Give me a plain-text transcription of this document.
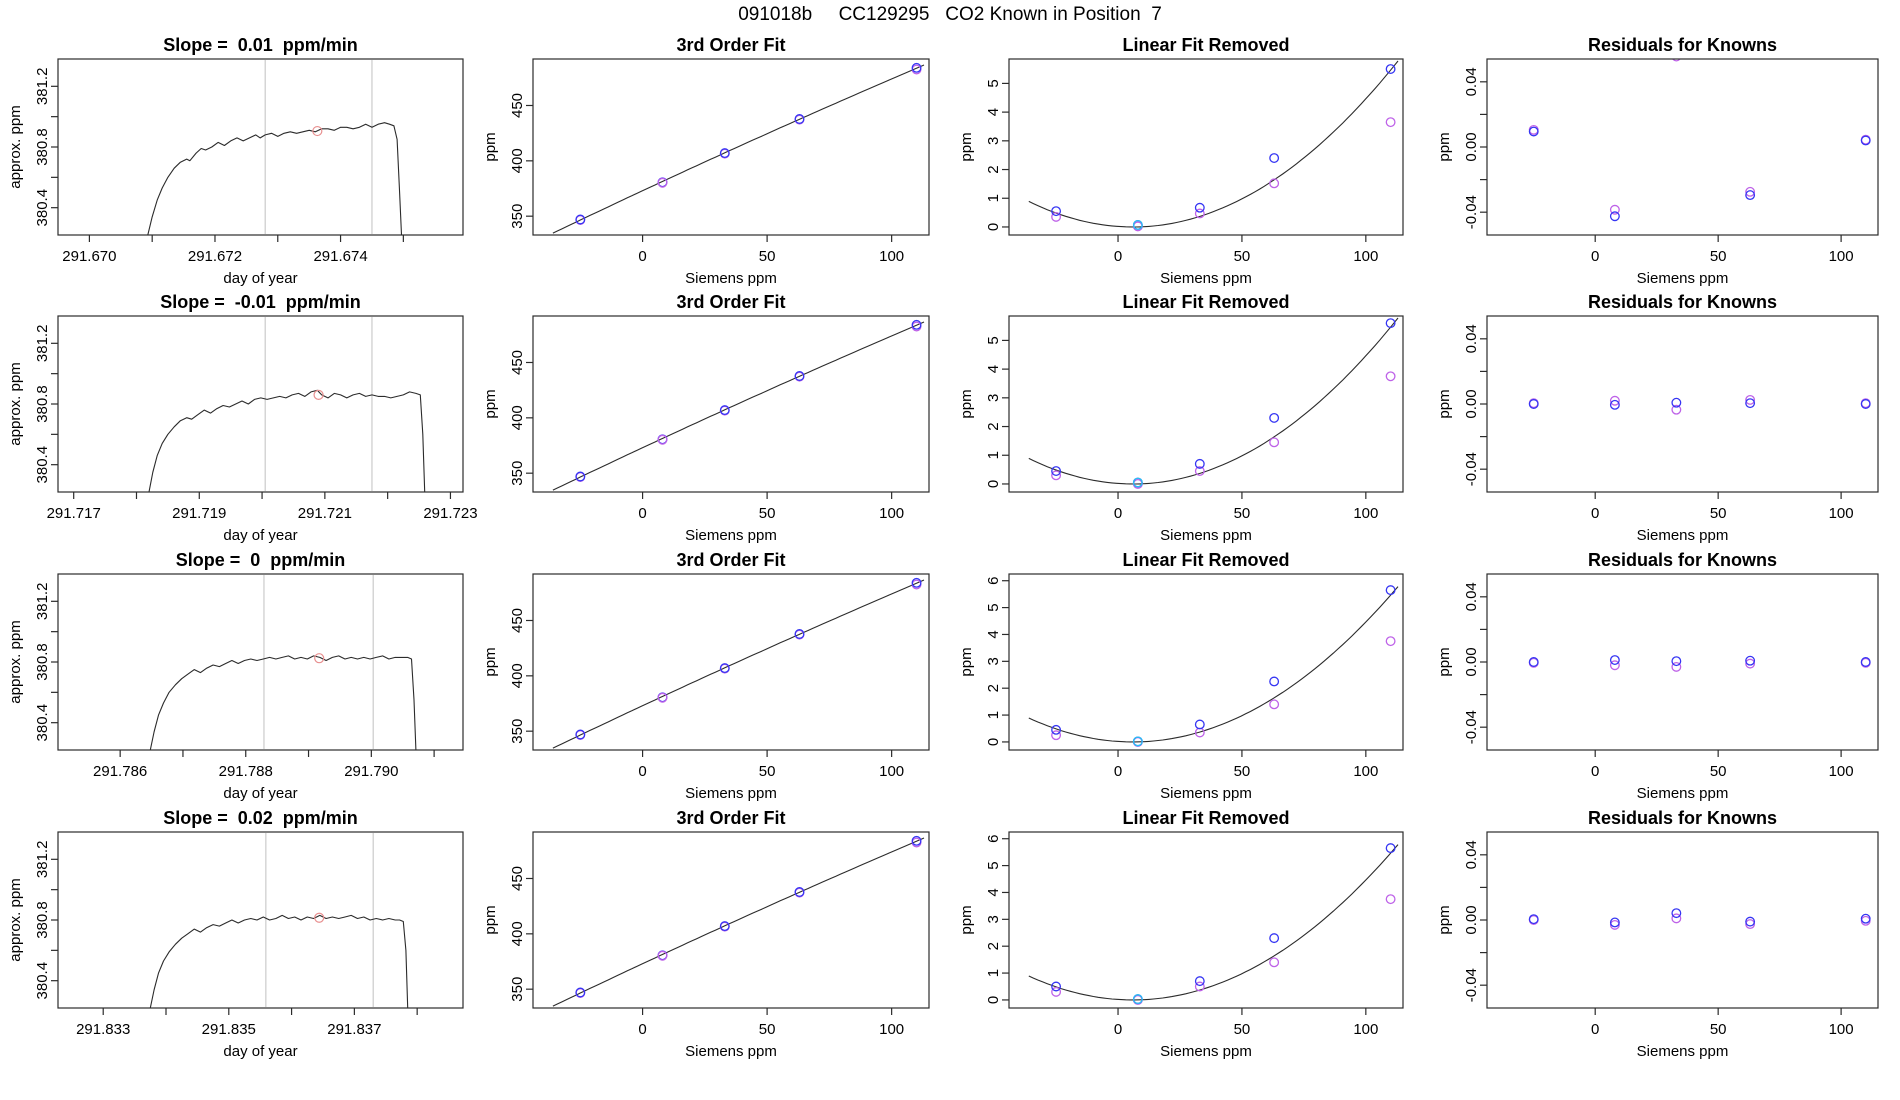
091018b     CC129295   CO2 Known in Position  7
Slope =  0.01  ppm/min
291.670	291.672	291.674
380.4
380.8
381.2
day of year
approx. ppm
3rd Order Fit
0	50	100
350
400
450
Siemens ppm
ppm
Linear Fit Removed
0	50	100
0
1
2
3
4
5
Siemens ppm
ppm
Residuals for Knowns
0	50	100
-0.04
0.00
0.04
Siemens ppm
ppm
Slope =  -0.01  ppm/min
291.717	291.719	291.721	291.723
380.4
380.8
381.2
day of year
approx. ppm
3rd Order Fit
0	50	100
350
400
450
Siemens ppm
ppm
Linear Fit Removed
0	50	100
0
1
2
3
4
5
Siemens ppm
ppm
Residuals for Knowns
0	50	100
-0.04
0.00
0.04
Siemens ppm
ppm
Slope =  0  ppm/min
291.786	291.788	291.790
380.4
380.8
381.2
day of year
approx. ppm
3rd Order Fit
0	50	100
350
400
450
Siemens ppm
ppm
Linear Fit Removed
0	50	100
0
1
2
3
4
5
6
Siemens ppm
ppm
Residuals for Knowns
0	50	100
-0.04
0.00
0.04
Siemens ppm
ppm
Slope =  0.02  ppm/min
291.833	291.835	291.837
380.4
380.8
381.2
day of year
approx. ppm
3rd Order Fit
0	50	100
350
400
450
Siemens ppm
ppm
Linear Fit Removed
0	50	100
0
1
2
3
4
5
6
Siemens ppm
ppm
Residuals for Knowns
0	50	100
-0.04
0.00
0.04
Siemens ppm
ppm
